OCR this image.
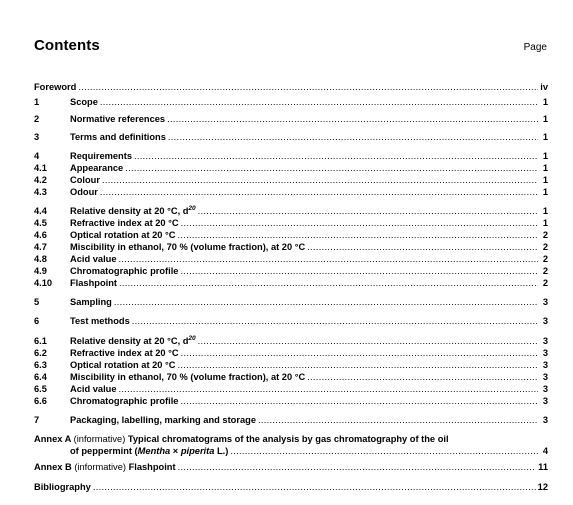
Contents	Page
Foreword .....	iv
1	Scope .....	1
2	Normative references .....	1
3	Terms and definitions .....	1
4	Requirements .....	1
4.1	Appearance .....	1
4.2	Colour .....	1
4.3	Odour .....	1
4.4	Relative density at 20 °C, $d^{20}$ .....	1
4.5	Refractive index at 20 °C .....	1
4.6	Optical rotation at 20 °C .....	2
4.7	Miscibility in ethanol, 70 % (volume fraction), at 20 °C .....	2
4.8	Acid value .....	2
4.9	Chromatographic profile .....	2
4.10	Flashpoint .....	2
5	Sampling .....	3
6	Test methods .....	3
6.1	Relative density at 20 °C, $d^{20}$ .....	3
6.2	Refractive index at 20 °C .....	3
6.3	Optical rotation at 20 °C .....	3
6.4	Miscibility in ethanol, 70 % (volume fraction), at 20 °C .....	3
6.5	Acid value .....	3
6.6	Chromatographic profile .....	3
7	Packaging, labelling, marking and storage .....	3
Annex A (informative) Typical chromatograms of the analysis by gas chromatography of the oil
of peppermint (Mentha × piperita L.) .....	4
Annex B (informative) Flashpoint .....	11
Bibliography .....	12
